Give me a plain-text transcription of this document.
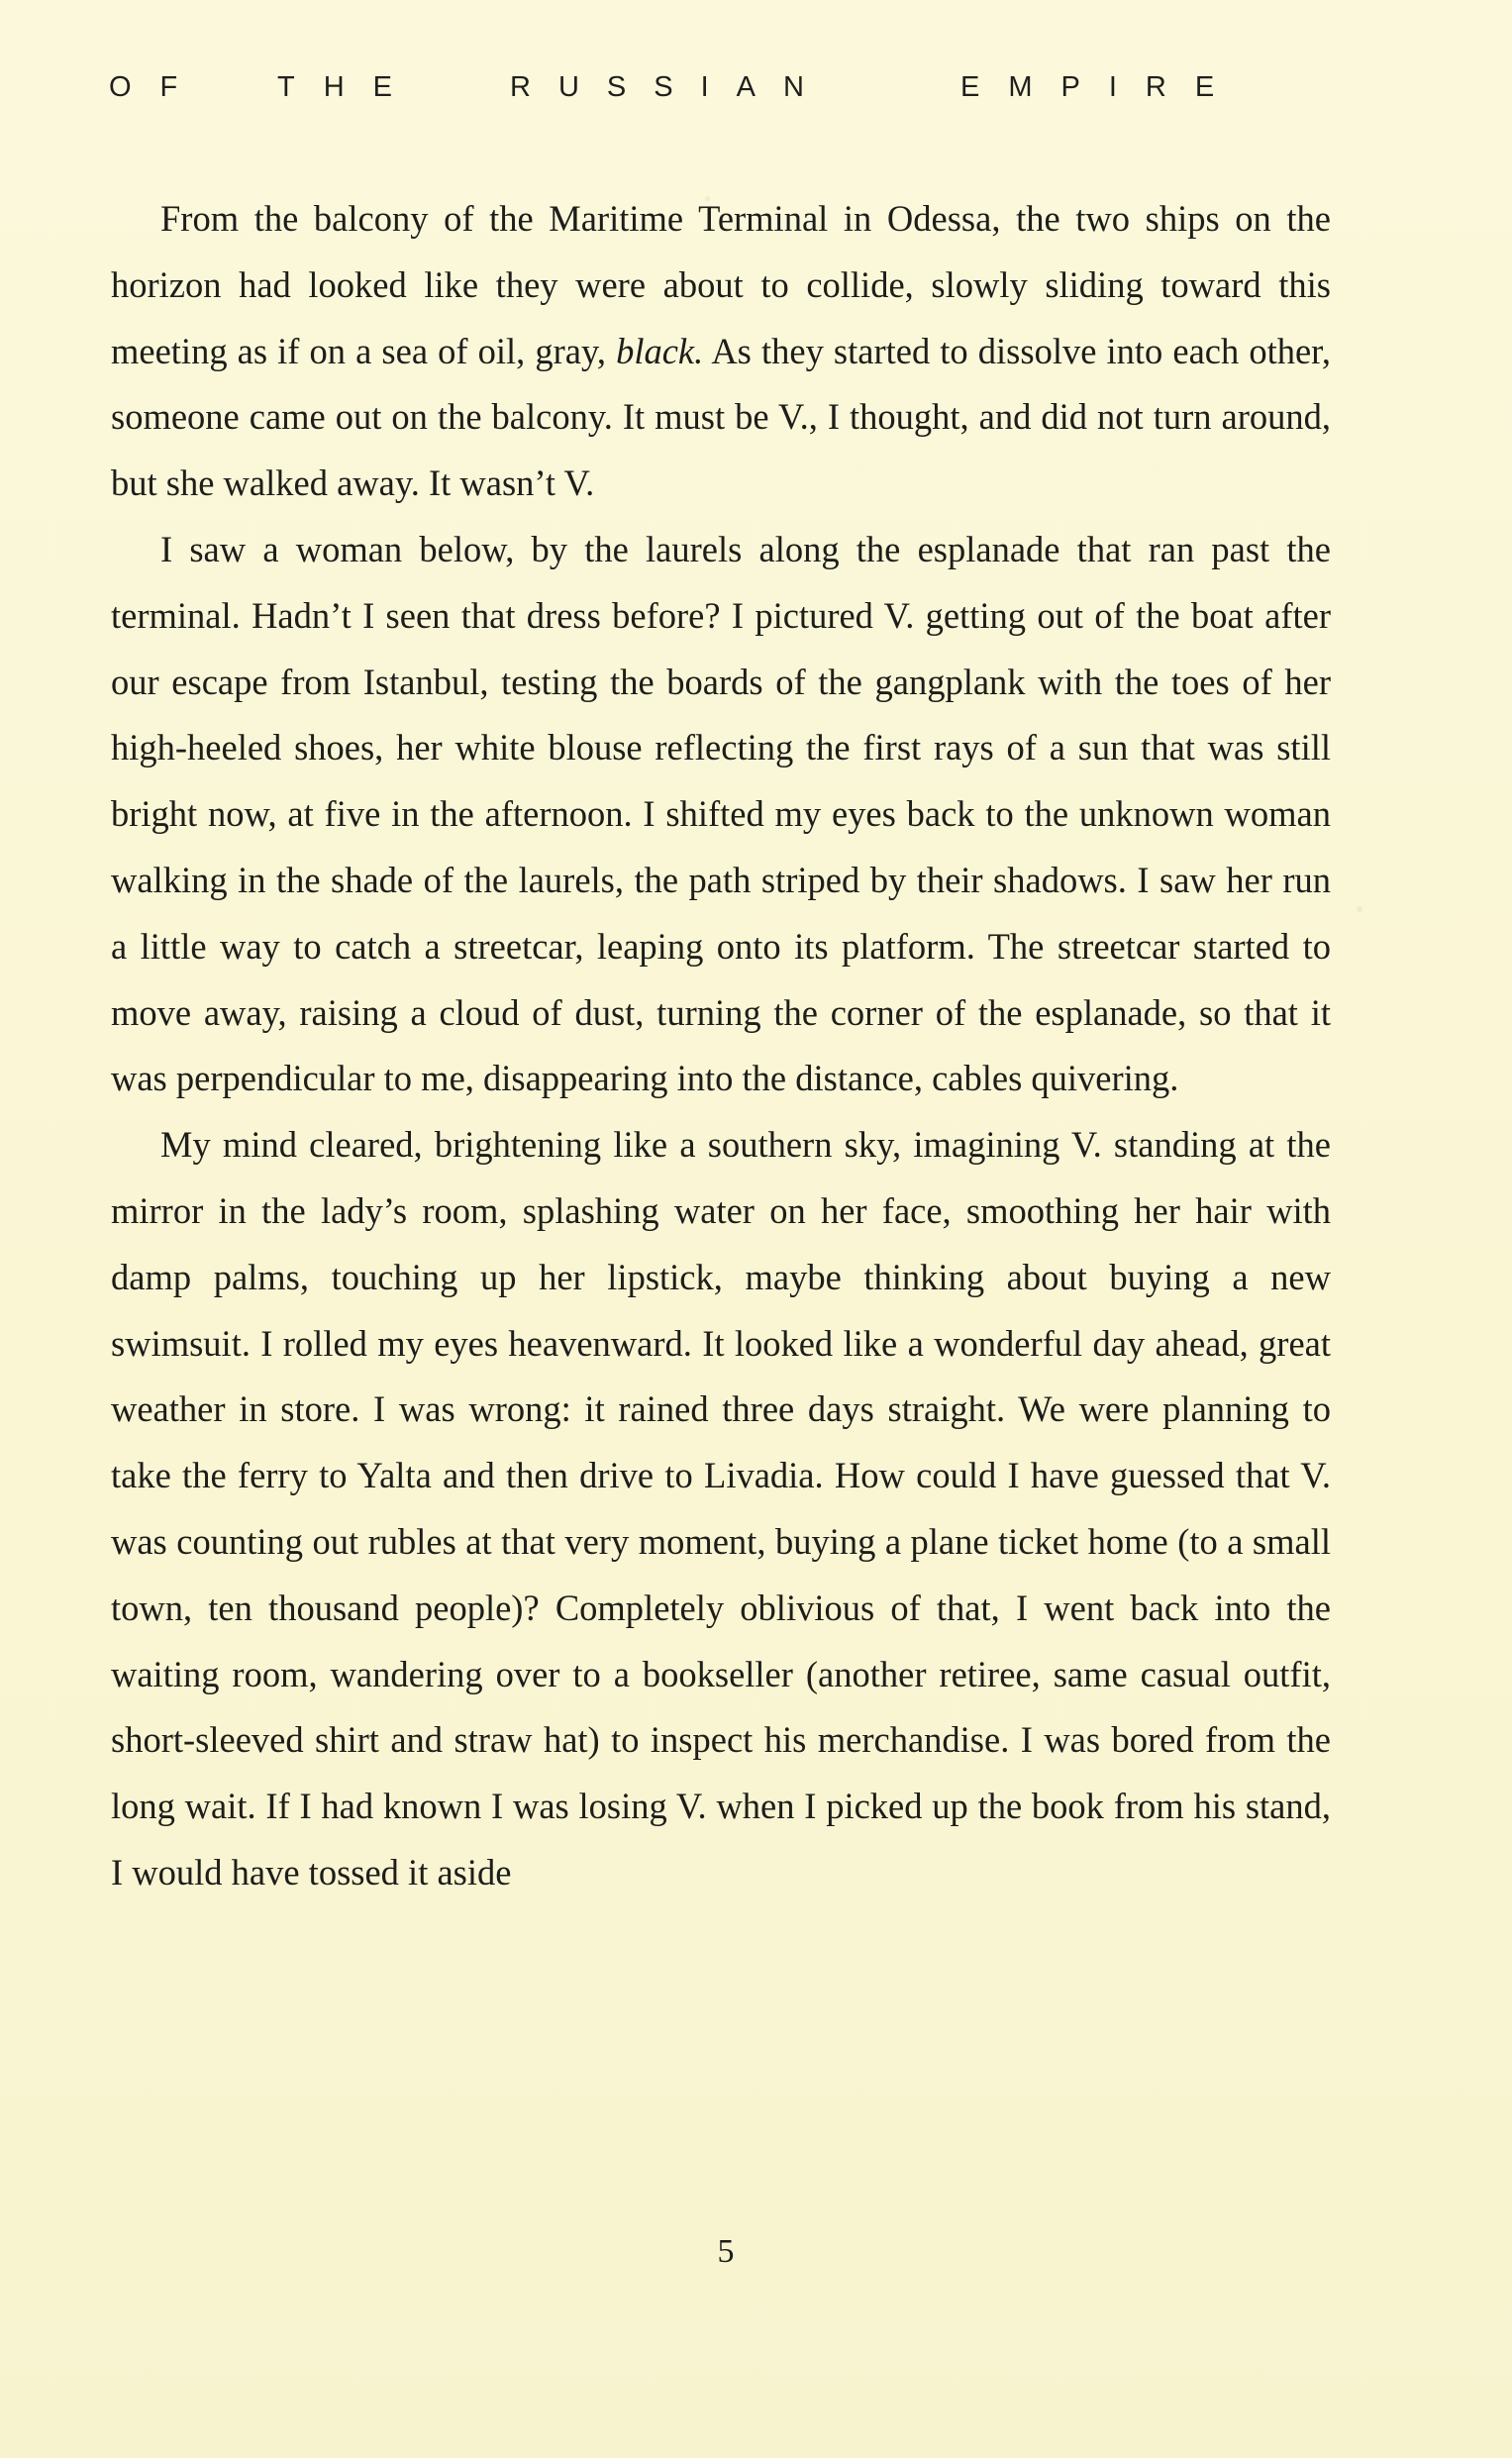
OF THE	RUSSIAN	EMPIRE

From the balcony of the Maritime Terminal in Odessa, the two ships on the horizon had looked like they were about to collide, slowly sliding toward this meeting as if on a sea of oil, gray, black. As they started to dissolve into each other, someone came out on the balcony. It must be V., I thought, and did not turn around, but she walked away. It wasn’t V.

I saw a woman below, by the laurels along the esplanade that ran past the terminal. Hadn’t I seen that dress before? I pictured V. getting out of the boat after our escape from Istanbul, testing the boards of the gangplank with the toes of her high-heeled shoes, her white blouse reflecting the first rays of a sun that was still bright now, at five in the afternoon. I shifted my eyes back to the unknown woman walking in the shade of the laurels, the path striped by their shadows. I saw her run a little way to catch a streetcar, leaping onto its platform. The streetcar started to move away, raising a cloud of dust, turning the corner of the esplanade, so that it was perpendicular to me, disappearing into the distance, cables quivering.

My mind cleared, brightening like a southern sky, imagining V. standing at the mirror in the lady’s room, splashing water on her face, smoothing her hair with damp palms, touching up her lipstick, maybe thinking about buying a new swimsuit. I rolled my eyes heavenward. It looked like a wonderful day ahead, great weather in store. I was wrong: it rained three days straight. We were planning to take the ferry to Yalta and then drive to Livadia. How could I have guessed that V. was counting out rubles at that very moment, buying a plane ticket home (to a small town, ten thousand people)? Completely oblivious of that, I went back into the waiting room, wandering over to a bookseller (another retiree, same casual outfit, short-sleeved shirt and straw hat) to inspect his merchandise. I was bored from the long wait. If I had known I was losing V. when I picked up the book from his stand, I would have tossed it aside

5
